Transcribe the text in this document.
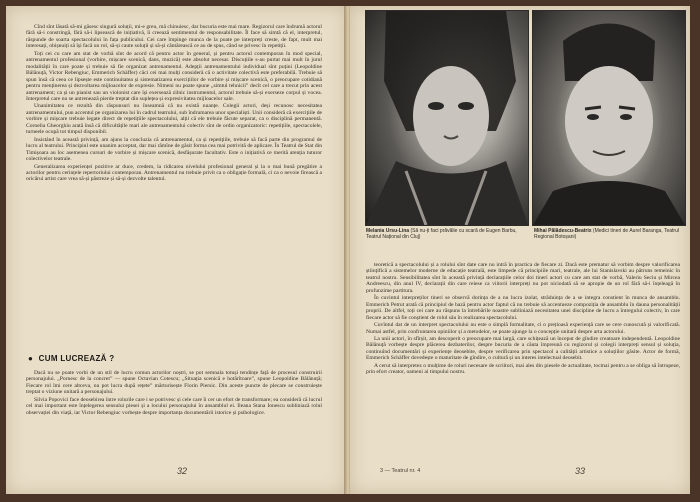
Cînd sînt lăsată să-mi găsesc singură soluții, mi-e greu, mă chinuiesc, dar bucuria este mai mare. Regizorul care îndrumă actorul fără să-i constringă, fără să-i lipsească de inițiativă, îi creează sentimentul de responsabilitate. Îl face să simtă că el, interpretul, răspunde de soarta spectacolului în fața publicului. Cei care împinge munca de la poate pe interpreți creste, de fapt, mult mai interesați, obișnuiți să își facă un rol, să-și caute soluții și să-și cântărească ce au de spus, când se privesc în repetiții.

Toți cei cu care am stat de vorbă sînt de acord că pentru actor în general, și pentru actorul contemporan în mod special, antrenamentul profesional (vorbire, mișcare scenică, dans, muzică) este absolut necesar. Discuțiile s-au purtat mai mult în jurul modalității în care poate și trebuie să fie organizat antrenamentul. Adepții antrenamentului individual sînt puțini (Leopoldine Bălănuță, Victor Rebengiuc, Emmerich Schäffer) căci cei mai mulți consideră că o activitate colectivă este preferabilă. Trebuie să spun însă că ceea ce lipsește este continuitatea și sistematizarea exercițiilor de vorbire și mișcare scenică, o preocupare cotidiană pentru menținerea și dezvoltarea mijloacelor de expresie. Nimeni nu poate spune „simtul tehnicii” decît cel care a trecut prin acest antrenament; ca și un pianist sau un violonist care își exersează zilnic instrumentul, actorul trebuie să-și exerseze corpul și vocea. Interpretul care nu se antrenează pierde treptat din suplețea și expresivitatea mijloacelor sale.

Unanimitatea ce rezultă din răspunsuri nu înseamnă că nu există nuanțe. Colegii actori, deși recunosc necesitatea antrenamentului, pun accentul pe organizarea lui în cadrul teatrului, sub îndrumarea unor specialiști. Unii consideră că exercițiile de vorbire și mișcare trebuie legate direct de repetițiile spectacolului, alții că ele trebuie făcute separat, ca o disciplină permanentă. Cornelia Gheorghiu arată însă că dificultățile mari ale antrenamentului colectiv sînt de ordin organizatoric: repetițiile, spectacolele, turneele ocupă tot timpul disponibil.

Insistând în această privință, am ajuns la concluzia că antrenamentul, ca și repetițiile, trebuie să facă parte din programul de lucru al teatrului. Principiul este unanim acceptat, dar mai rămîne de găsit forma cea mai potrivită de aplicare. În Teatrul de Stat din Timișoara au loc asemenea cursuri de vorbire și mișcare scenică, desfășurate facultativ. Este o inițiativă ce merită atenția tuturor colectivelor teatrale.

Generalizarea experienței pozitive ar duce, credem, la ridicarea nivelului profesional general și la o mai bună pregătire a actorilor pentru cerințele repertoriului contemporan. Antrenamentul nu trebuie privit ca o obligație formală, ci ca o nevoie firească a oricărui artist care vrea să-și păstreze și să-și dezvolte talentul.

● CUM LUCREAZĂ ?

Dacă nu se poate vorbi de un stil de lucru comun actorilor noștri, se pot semnala totuși tendințe față de procesul construirii personajului. „Pornesc de la concret” — spune Octavian Cotescu; „Situația scenică e hotărîtoare”, spune Leopoldine Bălănuță; Fiecare rol îmi cere altceva, nu pot lucra după rețete” mărturisește Florin Piersic. Din aceste puncte de plecare se construiește treptat o viziune unitară a personajului.

Silvia Popovici face deosebirea între rolurile care i se potrivesc și cele care îi cer un efort de transformare; ea consideră că lucrul cel mai important este înțelegerea sensului piesei și a locului personajului în ansamblul ei. Ileana Stana Ionescu subliniază rolul observației din viață, iar Victor Rebengiuc vorbește despre importanța documentării istorice și psihologice.

32
Melania Ursu-Lina (Să nu-ți faci prăvălie cu scară de Eugen Barbu, Teatrul Național din Cluj)
Mihai Pălădescu-Beatrix (Medici tineri de Aurel Baranga, Teatrul Regional Botoșani)

teoretică a spectacolului și a rolului sînt date care nu intră în practica de fiecare zi. Dacă este prematur să vorbim despre valorificarea științifică a sistemelor moderne de educație teatrală, este limpede că principiile mari, teatrale, ale lui Stanislavski au pătruns temeinic în teatrul nostru. Sensibilitatea sînt în această privință declarațiile celor doi tineri actori cu care am stat de vorbă, Valeriu Seciu și Mircea Andreescu, din anul IV, declarații din care reiese ca viitorii interpreți nu pot niciodată să se apropie de un rol fără să-i înțeleagă în profunzime partitura.

În cuvintul interpreților tineri se observă dorința de a nu lucra izolat, străduința de a se integra constient în munca de ansamblu. Emmerich Petrut arată că principiul de bază pentru actor faptul că nu trebuie să accentueze compoziția de ansamblu în dauna personalității proprii. De altfel, toți cei care au răspuns la întrebările noastre subliniază necesitatea unei discipline de lucru a întregului colectiv, în care fiecare actor să fie conștient de rolul său în realizarea spectacolului.

Cuvîntul dat de un interpret spectacolului nu este o simplă formalitate, ci o prețioasă experiență care se cere cunoscută și valorificată. Numai astfel, prin confruntarea opiniilor și a metodelor, se poate ajunge la o concepție unitară despre arta actorului.

La unii actori, în sfîrșit, am descoperit o preocupare mai largă, care schițează un început de gîndire creatoare independentă. Leopoldine Bălănuță vorbește despre plăcerea dezbaterilor, despre bucuria de a căuta împreună cu regizorul și colegii interpreți sensul și soluția, continuînd documentări și experiențe deosebite, despre verificarea prin spectacol a calității artistice a soluțiilor găsite. Actor de formă, Emmerich Schäffer dovedește o maturitate de gîndire, o cultură și un interes intelectual deosebit.

A cerut să interpretez o mulțime de roluri necesare de scriitori, mai ales din piesele de actualitate, tocmai pentru a se obliga să întrupeze, prin efort creator, oameni ai timpului nostru.

3 — Teatrul nr. 4	33
